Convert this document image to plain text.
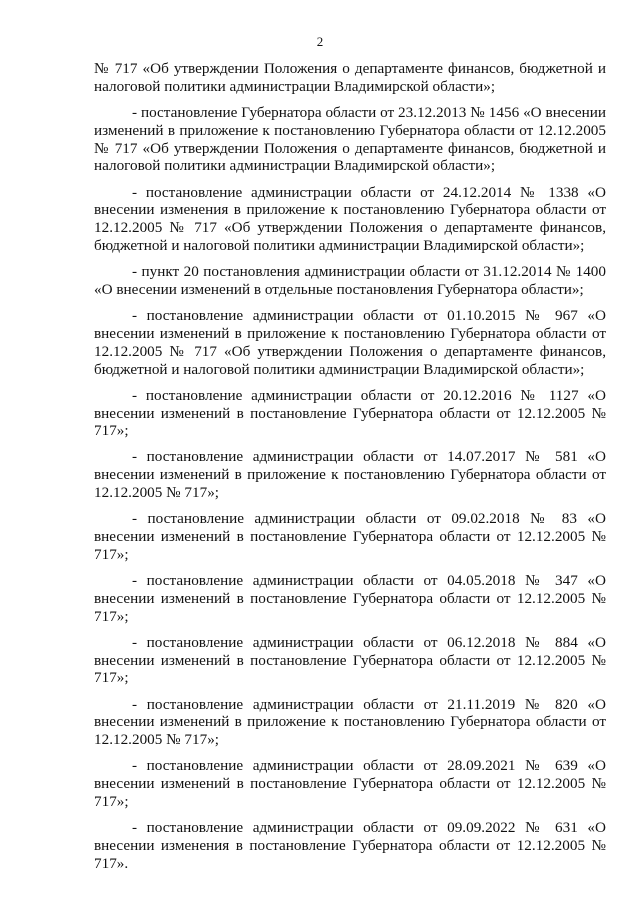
2

№ 717 «Об утверждении Положения о департаменте финансов, бюджетной и налоговой политики администрации Владимирской области»;

- постановление Губернатора области от 23.12.2013 № 1456 «О внесении изменений в приложение к постановлению Губернатора области от 12.12.2005 № 717 «Об утверждении Положения о департаменте финансов, бюджетной и налоговой политики администрации Владимирской области»;

- постановление администрации области от 24.12.2014 № 1338 «О внесении изменения в приложение к постановлению Губернатора области от 12.12.2005 № 717 «Об утверждении Положения о департаменте финансов, бюджетной и налоговой политики администрации Владимирской области»;

- пункт 20 постановления администрации области от 31.12.2014 № 1400 «О внесении изменений в отдельные постановления Губернатора области»;

- постановление администрации области от 01.10.2015 № 967 «О внесении изменений в приложение к постановлению Губернатора области от 12.12.2005 № 717 «Об утверждении Положения о департаменте финансов, бюджетной и налоговой политики администрации Владимирской области»;

- постановление администрации области от 20.12.2016 № 1127 «О внесении изменений в постановление Губернатора области от 12.12.2005 № 717»;

- постановление администрации области от 14.07.2017 № 581 «О внесении изменений в приложение к постановлению Губернатора области от 12.12.2005 № 717»;

- постановление администрации области от 09.02.2018 № 83 «О внесении изменений в постановление Губернатора области от 12.12.2005 № 717»;

- постановление администрации области от 04.05.2018 № 347 «О внесении изменений в постановление Губернатора области от 12.12.2005 № 717»;

- постановление администрации области от 06.12.2018 № 884 «О внесении изменений в постановление Губернатора области от 12.12.2005 № 717»;

- постановление администрации области от 21.11.2019 № 820 «О внесении изменений в приложение к постановлению Губернатора области от 12.12.2005 № 717»;

- постановление администрации области от 28.09.2021 № 639 «О внесении изменений в постановление Губернатора области от 12.12.2005 № 717»;

- постановление администрации области от 09.09.2022 № 631 «О внесении изменения в постановление Губернатора области от 12.12.2005 № 717».
